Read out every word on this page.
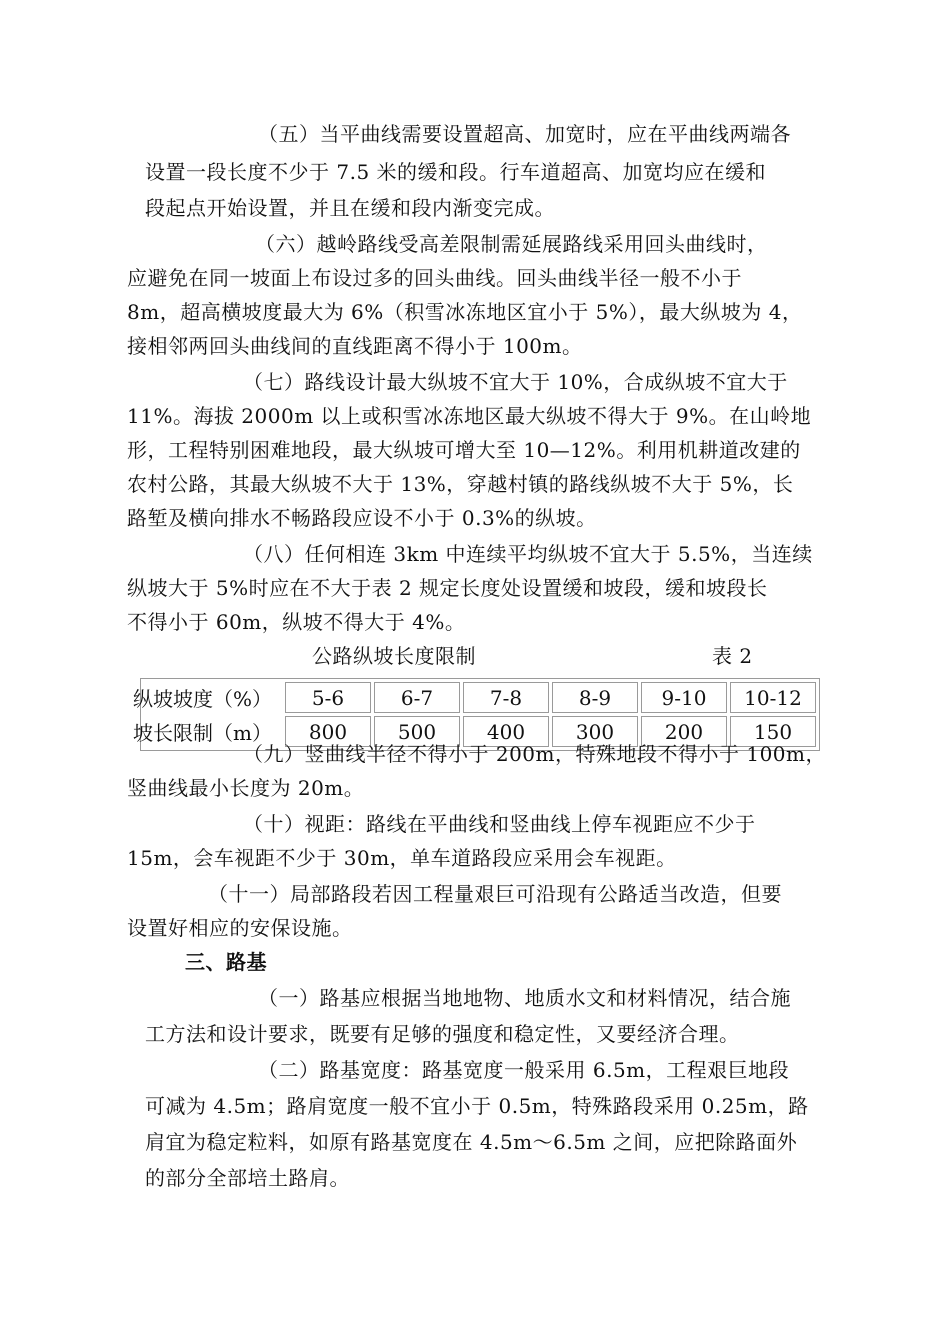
（五）当平曲线需要设置超高、加宽时，应在平曲线两端各
设置一段长度不少于 7.5 米的缓和段。行车道超高、加宽均应在缓和
段起点开始设置，并且在缓和段内渐变完成。
（六）越岭路线受高差限制需延展路线采用回头曲线时，
应避免在同一坡面上布设过多的回头曲线。回头曲线半径一般不小于
8m，超高横坡度最大为 6%（积雪冰冻地区宜小于 5%），最大纵坡为 4，
接相邻两回头曲线间的直线距离不得小于 100m。
（七）路线设计最大纵坡不宜大于 10%，合成纵坡不宜大于
11%。海拔 2000m 以上或积雪冰冻地区最大纵坡不得大于 9%。在山岭地
形，工程特别困难地段，最大纵坡可增大至 10—12%。利用机耕道改建的
农村公路，其最大纵坡不大于 13%，穿越村镇的路线纵坡不大于 5%，长
路堑及横向排水不畅路段应设不小于 0.3%的纵坡。
（八）任何相连 3km 中连续平均纵坡不宜大于 5.5%，当连续
纵坡大于 5%时应在不大于表 2 规定长度处设置缓和坡段，缓和坡段长
不得小于 60m，纵坡不得大于 4%。
公路纵坡长度限制	表 2
纵坡坡度（%）	5-6	6-7	7-8	8-9	9-10	10-12
坡长限制（m）	800	500	400	300	200	150
（九）竖曲线半径不得小于 200m，特殊地段不得小于 100m，
竖曲线最小长度为 20m。
（十）视距：路线在平曲线和竖曲线上停车视距应不少于
15m，会车视距不少于 30m，单车道路段应采用会车视距。
（十一）局部路段若因工程量艰巨可沿现有公路适当改造，但要
设置好相应的安保设施。
三、路基
（一）路基应根据当地地物、地质水文和材料情况，结合施
工方法和设计要求，既要有足够的强度和稳定性，又要经济合理。
（二）路基宽度：路基宽度一般采用 6.5m，工程艰巨地段
可减为 4.5m；路肩宽度一般不宜小于 0.5m，特殊路段采用 0.25m，路
肩宜为稳定粒料，如原有路基宽度在 4.5m～6.5m 之间，应把除路面外
的部分全部培土路肩。
